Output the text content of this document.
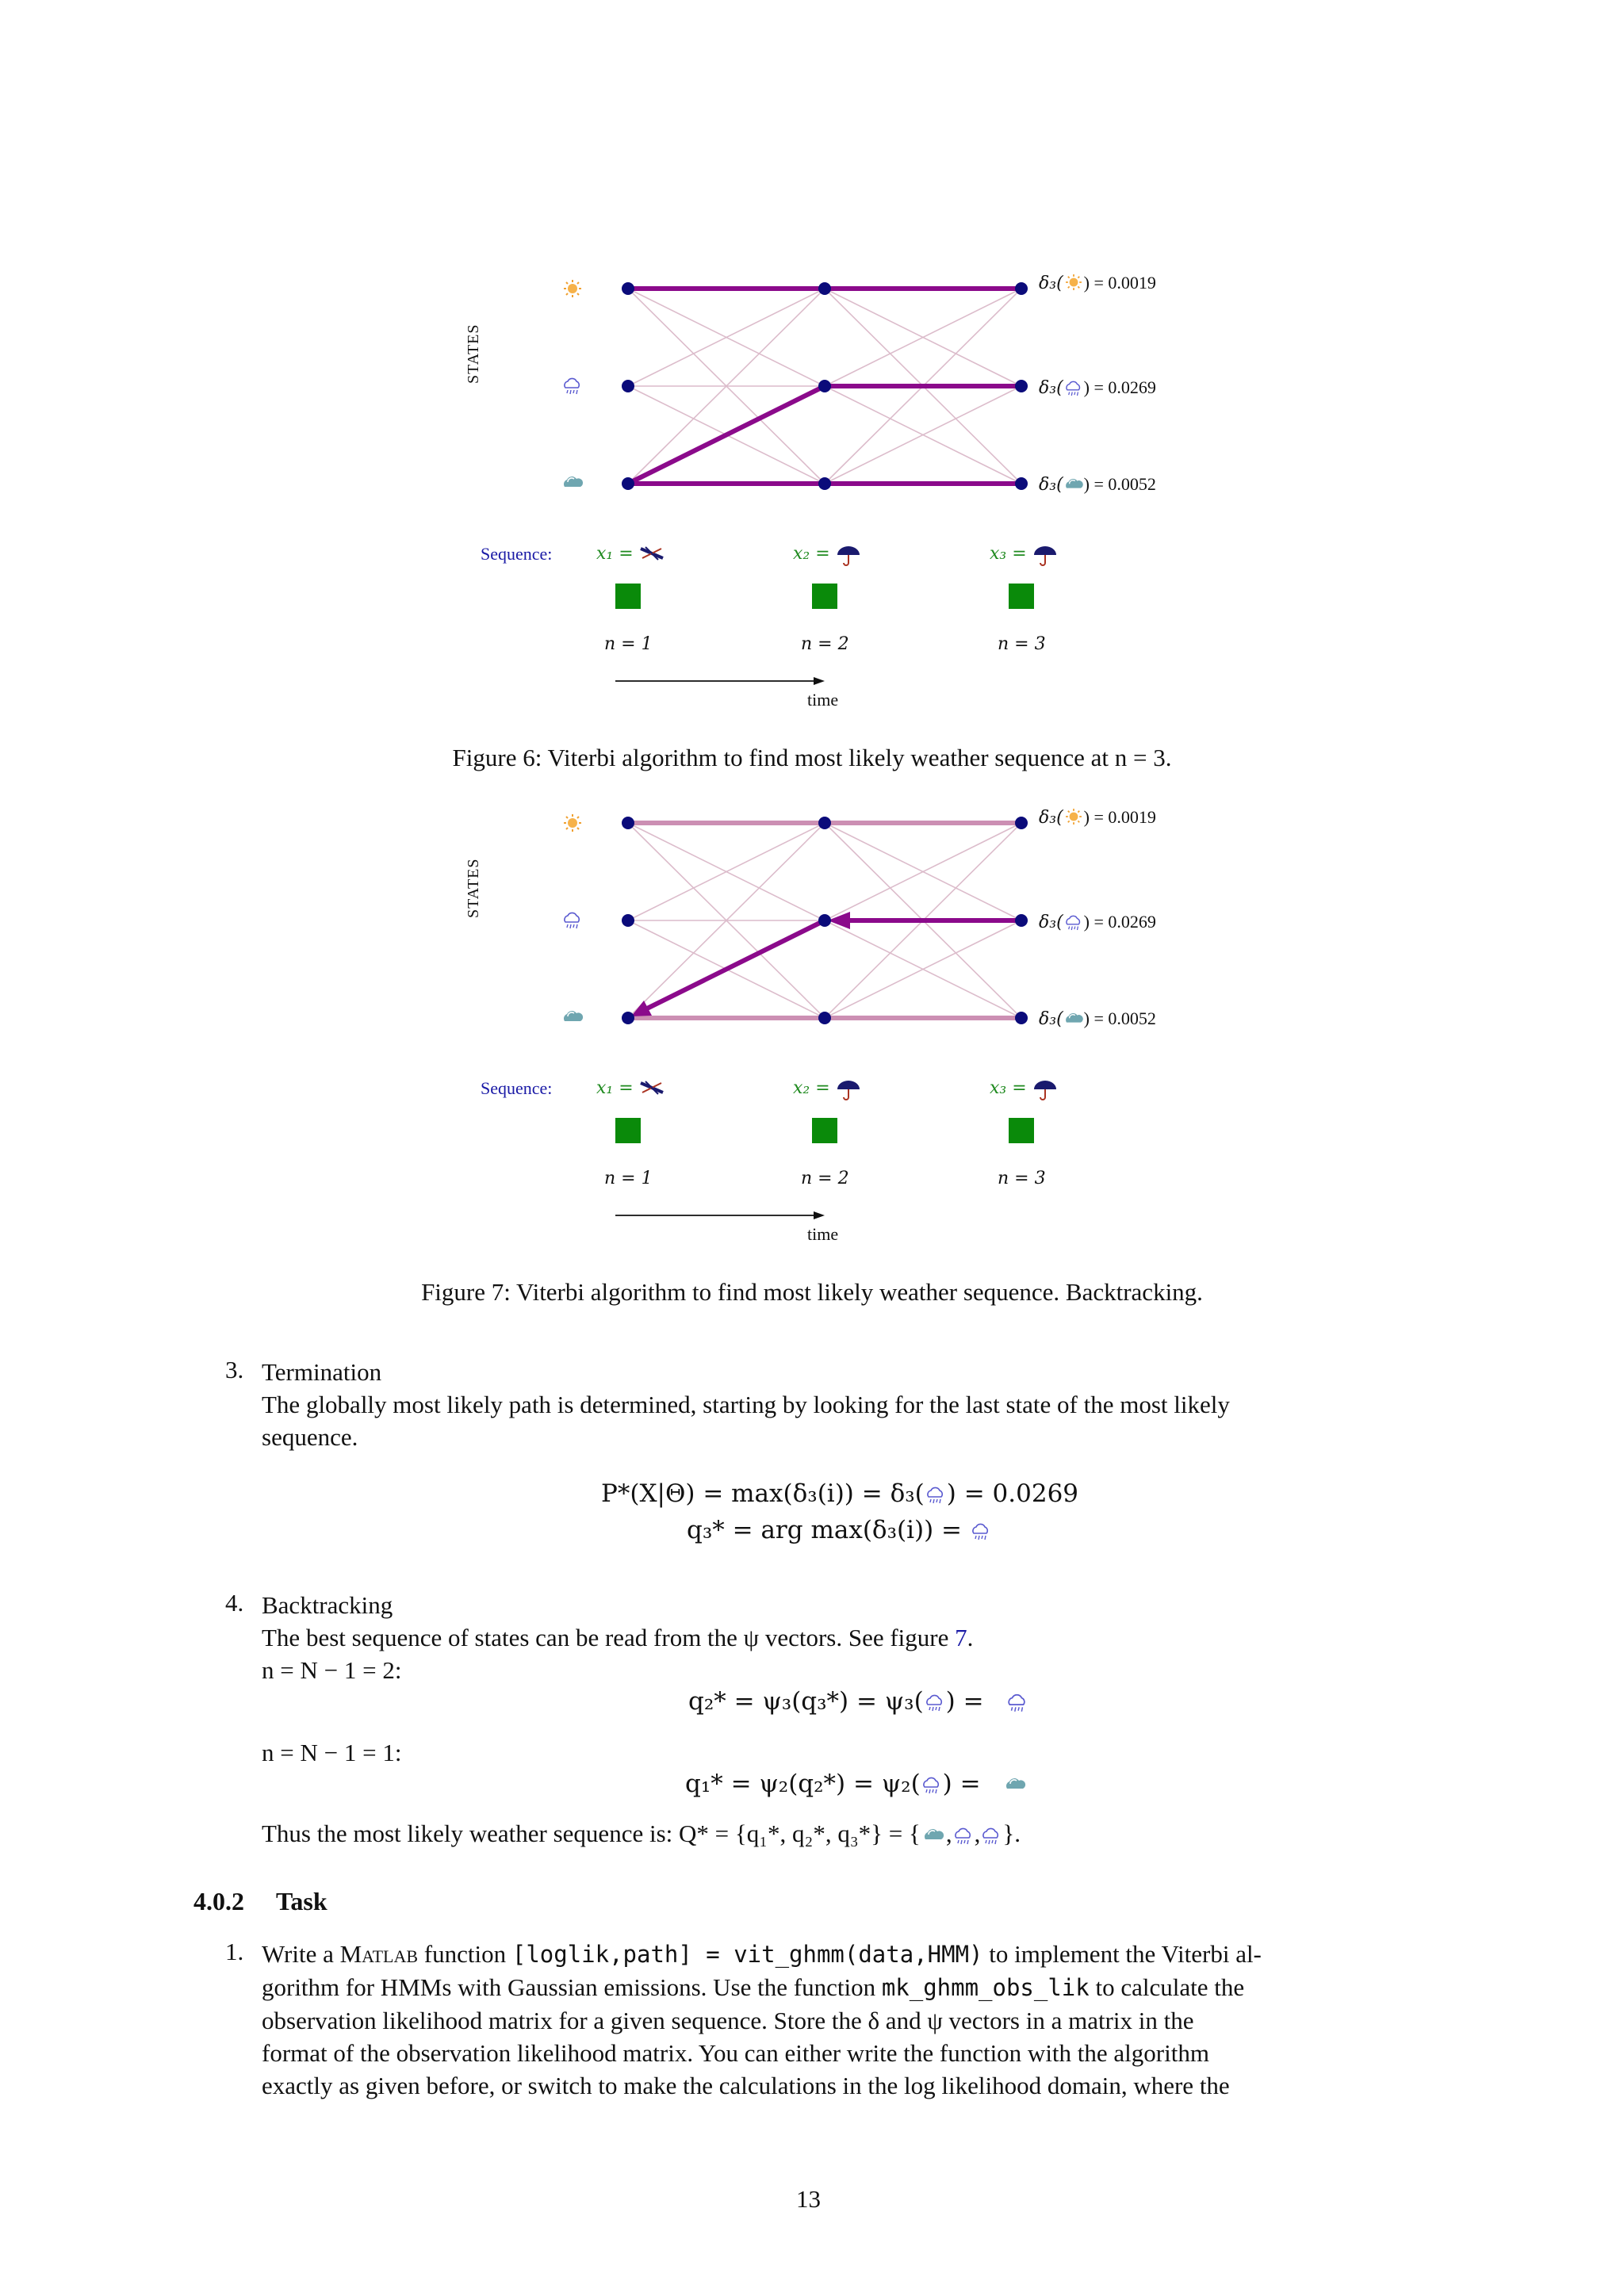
STATES
δ₃( ) = 0.0019
δ₃( ) = 0.0269
δ₃( ) = 0.0052
Sequence:	x₁ =	x₂ =	x₃ =
n = 1	n = 2	n = 3
time
Figure 6: Viterbi algorithm to find most likely weather sequence at n = 3.
STATES
δ₃( ) = 0.0019
δ₃( ) = 0.0269
δ₃( ) = 0.0052
Sequence:	x₁ =	x₂ =	x₃ =
n = 1	n = 2	n = 3
time
Figure 7: Viterbi algorithm to find most likely weather sequence. Backtracking.
3. Termination
The globally most likely path is determined, starting by looking for the last state of the most likely
sequence.
P*(X|Θ) = max(δ₃(i)) = δ₃( ) = 0.0269
q₃* = arg max(δ₃(i)) =
4. Backtracking
The best sequence of states can be read from the ψ vectors. See figure 7.
n = N − 1 = 2:
q₂* = ψ₃(q₃*) = ψ₃( ) =
n = N − 1 = 1:
q₁* = ψ₂(q₂*) = ψ₂( ) =
Thus the most likely weather sequence is: Q* = {q₁*, q₂*, q₃*} = { , , }.
4.0.2 Task
1. Write a Matlab function [loglik,path] = vit_ghmm(data,HMM) to implement the Viterbi al-
gorithm for HMMs with Gaussian emissions. Use the function mk_ghmm_obs_lik to calculate the
observation likelihood matrix for a given sequence. Store the δ and ψ vectors in a matrix in the
format of the observation likelihood matrix. You can either write the function with the algorithm
exactly as given before, or switch to make the calculations in the log likelihood domain, where the
13
